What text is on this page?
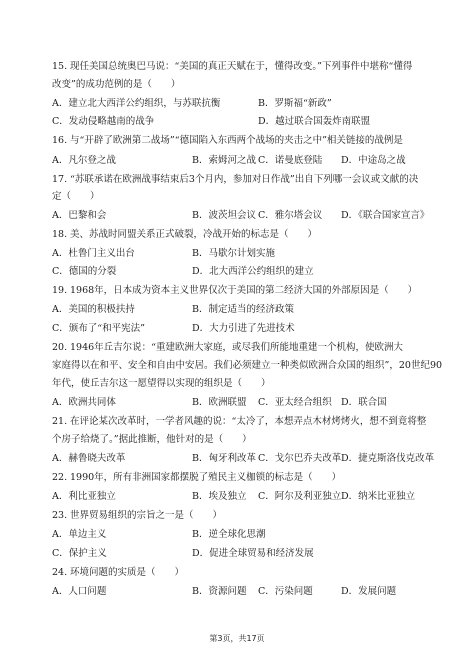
15. 现任美国总统奥巴马说：“美国的真正天赋在于，懂得改变。”下列事件中堪称“懂得
改变”的成功范例的是（　　）
A．建立北大西洋公约组织，与苏联抗衡	B．罗斯福“新政”
C．发动侵略越南的战争	D．越过联合国轰炸南联盟
16. 与“开辟了欧洲第二战场”“德国陷入东西两个战场的夹击之中”相关链接的战例是
A．凡尔登之战	B．索姆河之战 C．诺曼底登陆 D．中途岛之战
17. “苏联承诺在欧洲战事结束后3个月内，参加对日作战”出自下列哪一会议或文献的决
定（　　）
A．巴黎和会	B．波茨坦会议 C．雅尔塔会议 D．《联合国家宣言》
18. 美、苏战时同盟关系正式破裂，冷战开始的标志是（　　）
A．杜鲁门主义出台	B．马歇尔计划实施
C．德国的分裂	D．北大西洋公约组织的建立
19. 1968年，日本成为资本主义世界仅次于美国的第二经济大国的外部原因是（　　）
A．美国的积极扶持	B．制定适当的经济政策
C．颁布了“和平宪法”	D．大力引进了先进技术
20. 1946年丘吉尔说：“重建欧洲大家庭，或尽我们所能地重建一个机构，使欧洲大
家庭得以在和平、安全和自由中安居。我们必须建立一种类似欧洲合众国的组织”，20世纪90
年代，使丘吉尔这一愿望得以实现的组织是（　　）
A．欧洲共同体	B．欧洲联盟 C．亚太经合组织 D．联合国
21. 在评论某次改革时，一学者风趣的说：“太冷了，本想弄点木材烤烤火，想不到竟将整
个房子给烧了。”据此推断，他针对的是（　　）
A．赫鲁晓夫改革	B．匈牙利改革 C．戈尔巴乔夫改革 D．捷克斯洛伐克改革
22. 1990年，所有非洲国家都摆脱了殖民主义枷锁的标志是（　　）
A．利比亚独立	B．埃及独立 C．阿尔及利亚独立 D．纳米比亚独立
23. 世界贸易组织的宗旨之一是（　　）
A．单边主义	B．逆全球化思潮
C．保护主义	D．促进全球贸易和经济发展
24. 环境问题的实质是（　　）
A．人口问题	B．资源问题 C．污染问题	D．发展问题
第3页，共17页
